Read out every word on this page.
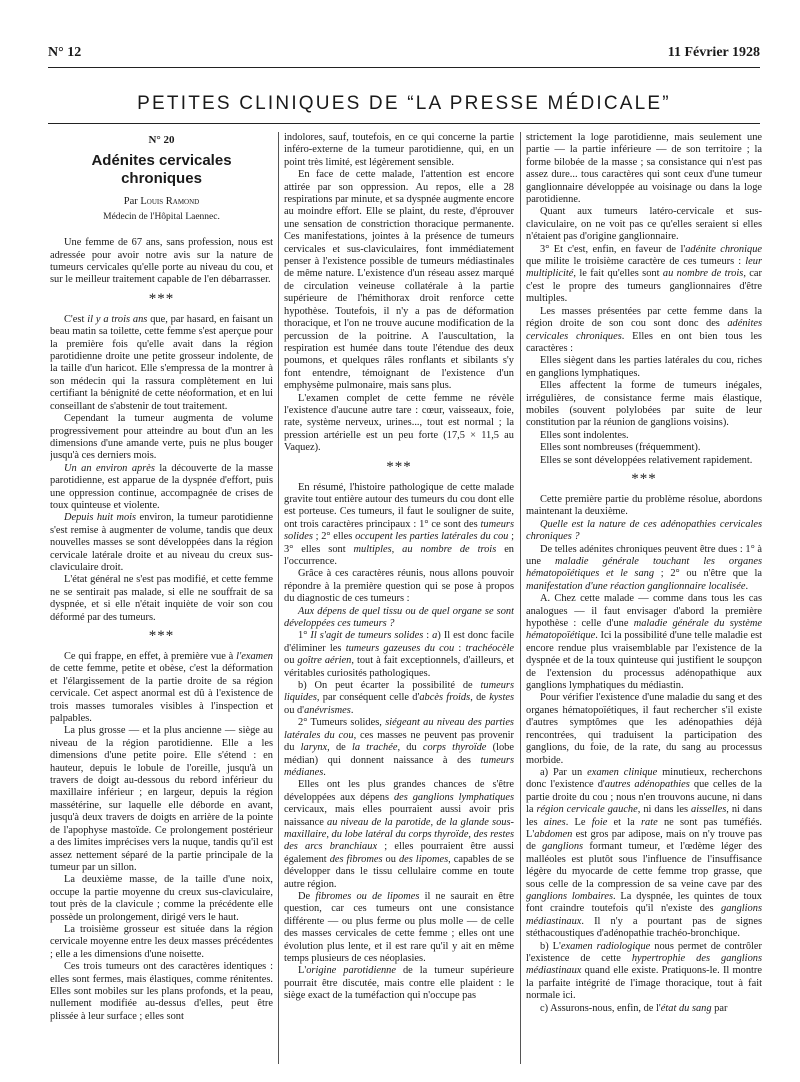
N° 12	11 Février 1928
PETITES CLINIQUES DE “LA PRESSE MÉDICALE”

N° 20

Adénites cervicales chroniques

Par Louis Ramond

Médecin de l'Hôpital Laennec.

Une femme de 67 ans, sans profession, nous est adressée pour avoir notre avis sur la nature de tumeurs cervicales qu'elle porte au niveau du cou, et sur le meilleur traitement capable de l'en débarrasser.

***

C'est il y a trois ans que, par hasard, en faisant un beau matin sa toilette, cette femme s'est aperçue pour la première fois qu'elle avait dans la région parotidienne droite une petite grosseur indolente, de la taille d'un haricot. Elle s'empressa de la montrer à son médecin qui la rassura complètement en lui certifiant la bénignité de cette néoformation, et en lui conseillant de s'abstenir de tout traitement.

Cependant la tumeur augmenta de volume progressivement pour atteindre au bout d'un an les dimensions d'une amande verte, puis ne plus bouger jusqu'à ces derniers mois.

Un an environ après la découverte de la masse parotidienne, est apparue de la dyspnée d'effort, puis une oppression continue, accompagnée de crises de toux quinteuse et violente.

Depuis huit mois environ, la tumeur parotidienne s'est remise à augmenter de volume, tandis que deux nouvelles masses se sont développées dans la région cervicale latérale droite et au niveau du creux sus-claviculaire droit.

L'état général ne s'est pas modifié, et cette femme ne se sentirait pas malade, si elle ne souffrait de sa dyspnée, et si elle n'était inquiète de voir son cou déformé par des tumeurs.

***

Ce qui frappe, en effet, à première vue à l'examen de cette femme, petite et obèse, c'est la déformation et l'élargissement de la partie droite de sa région cervicale. Cet aspect anormal est dû à l'existence de trois masses tumorales visibles à l'inspection et palpables.

La plus grosse — et la plus ancienne — siège au niveau de la région parotidienne. Elle a les dimensions d'une petite poire. Elle s'étend : en hauteur, depuis le lobule de l'oreille, jusqu'à un travers de doigt au-dessous du rebord inférieur du maxillaire inférieur ; en largeur, depuis la région massétérine, sur laquelle elle déborde en avant, jusqu'à deux travers de doigts en arrière de la pointe de l'apophyse mastoïde. Ce prolongement postérieur a des limites imprécises vers la nuque, tandis qu'il est assez nettement séparé de la partie principale de la tumeur par un sillon.

La deuxième masse, de la taille d'une noix, occupe la partie moyenne du creux sus-claviculaire, tout près de la clavicule ; comme la précédente elle possède un prolongement, dirigé vers le haut.

La troisième grosseur est située dans la région cervicale moyenne entre les deux masses précédentes ; elle a les dimensions d'une noisette.

Ces trois tumeurs ont des caractères identiques : elles sont fermes, mais élastiques, comme rénitentes. Elles sont mobiles sur les plans profonds, et la peau, nullement modifiée au-dessus d'elles, peut être plissée à leur surface ; elles sont

indolores, sauf, toutefois, en ce qui concerne la partie inféro-externe de la tumeur parotidienne, qui, en un point très limité, est légèrement sensible.

En face de cette malade, l'attention est encore attirée par son oppression. Au repos, elle a 28 respirations par minute, et sa dyspnée augmente encore au moindre effort. Elle se plaint, du reste, d'éprouver une sensation de constriction thoracique permanente. Ces manifestations, jointes à la présence de tumeurs cervicales et sus-claviculaires, font immédiatement penser à l'existence possible de tumeurs médiastinales de même nature. L'existence d'un réseau assez marqué de circulation veineuse collatérale à la partie supérieure de l'hémithorax droit renforce cette hypothèse. Toutefois, il n'y a pas de déformation thoracique, et l'on ne trouve aucune modification de la percussion de la poitrine. A l'auscultation, la respiration est humée dans toute l'étendue des deux poumons, et quelques râles ronflants et sibilants s'y font entendre, témoignant de l'existence d'un emphysème pulmonaire, mais sans plus.

L'examen complet de cette femme ne révèle l'existence d'aucune autre tare : cœur, vaisseaux, foie, rate, système nerveux, urines..., tout est normal ; la pression artérielle est un peu forte (17,5 × 11,5 au Vaquez).

***

En résumé, l'histoire pathologique de cette malade gravite tout entière autour des tumeurs du cou dont elle est porteuse. Ces tumeurs, il faut le souligner de suite, ont trois caractères principaux : 1° ce sont des tumeurs solides ; 2° elles occupent les parties latérales du cou ; 3° elles sont multiples, au nombre de trois en l'occurrence.

Grâce à ces caractères réunis, nous allons pouvoir répondre à la première question qui se pose à propos du diagnostic de ces tumeurs :

Aux dépens de quel tissu ou de quel organe se sont développées ces tumeurs ?

1° Il s'agit de tumeurs solides : a) Il est donc facile d'éliminer les tumeurs gazeuses du cou : trachéocèle ou goître aérien, tout à fait exceptionnels, d'ailleurs, et véritables curiosités pathologiques.

b) On peut écarter la possibilité de tumeurs liquides, par conséquent celle d'abcès froids, de kystes ou d'anévrismes.

2° Tumeurs solides, siégeant au niveau des parties latérales du cou, ces masses ne peuvent pas provenir du larynx, de la trachée, du corps thyroïde (lobe médian) qui donnent naissance à des tumeurs médianes.

Elles ont les plus grandes chances de s'être développées aux dépens des ganglions lymphatiques cervicaux, mais elles pourraient aussi avoir pris naissance au niveau de la parotide, de la glande sous-maxillaire, du lobe latéral du corps thyroïde, des restes des arcs branchiaux ; elles pourraient être aussi également des fibromes ou des lipomes, capables de se développer dans le tissu cellulaire comme en toute autre région.

De fibromes ou de lipomes il ne saurait en être question, car ces tumeurs ont une consistance différente — ou plus ferme ou plus molle — de celle des masses cervicales de cette femme ; elles ont une évolution plus lente, et il est rare qu'il y ait en même temps plusieurs de ces néoplasies.

L'origine parotidienne de la tumeur supérieure pourrait être discutée, mais contre elle plaident : le siège exact de la tuméfaction qui n'occupe pas

strictement la loge parotidienne, mais seulement une partie — la partie inférieure — de son territoire ; la forme bilobée de la masse ; sa consistance qui n'est pas assez dure... tous caractères qui sont ceux d'une tumeur ganglionnaire développée au voisinage ou dans la loge parotidienne.

Quant aux tumeurs latéro-cervicale et sus-claviculaire, on ne voit pas ce qu'elles seraient si elles n'étaient pas d'origine ganglionnaire.

3° Et c'est, enfin, en faveur de l'adénite chronique que milite le troisième caractère de ces tumeurs : leur multiplicité, le fait qu'elles sont au nombre de trois, car c'est le propre des tumeurs ganglionnaires d'être multiples.

Les masses présentées par cette femme dans la région droite de son cou sont donc des adénites cervicales chroniques. Elles en ont bien tous les caractères :

Elles siègent dans les parties latérales du cou, riches en ganglions lymphatiques.

Elles affectent la forme de tumeurs inégales, irrégulières, de consistance ferme mais élastique, mobiles (souvent polylobées par suite de leur constitution par la réunion de ganglions voisins).

Elles sont indolentes.

Elles sont nombreuses (fréquemment).

Elles se sont développées relativement rapidement.

***

Cette première partie du problème résolue, abordons maintenant la deuxième.

Quelle est la nature de ces adénopathies cervicales chroniques ?

De telles adénites chroniques peuvent être dues : 1° à une maladie générale touchant les organes hématopoïétiques et le sang ; 2° ou n'être que la manifestation d'une réaction ganglionnaire localisée.

A. Chez cette malade — comme dans tous les cas analogues — il faut envisager d'abord la première hypothèse : celle d'une maladie générale du système hématopoïétique. Ici la possibilité d'une telle maladie est encore rendue plus vraisemblable par l'existence de la dyspnée et de la toux quinteuse qui justifient le soupçon de l'extension du processus adénopathique aux ganglions lymphatiques du médiastin.

Pour vérifier l'existence d'une maladie du sang et des organes hématopoïétiques, il faut rechercher s'il existe d'autres symptômes que les adénopathies déjà rencontrées, qui traduisent la participation des ganglions, du foie, de la rate, du sang au processus morbide.

a) Par un examen clinique minutieux, recherchons donc l'existence d'autres adénopathies que celles de la partie droite du cou ; nous n'en trouvons aucune, ni dans la région cervicale gauche, ni dans les aisselles, ni dans les aines. Le foie et la rate ne sont pas tuméfiés. L'abdomen est gros par adipose, mais on n'y trouve pas de ganglions formant tumeur, et l'œdème léger des malléoles est plutôt sous l'influence de l'insuffisance légère du myocarde de cette femme trop grasse, que sous celle de la compression de sa veine cave par des ganglions lombaires. La dyspnée, les quintes de toux font craindre toutefois qu'il n'existe des ganglions médiastinaux. Il n'y a pourtant pas de signes stéthacoustiques d'adénopathie trachéo-bronchique.

b) L'examen radiologique nous permet de contrôler l'existence de cette hypertrophie des ganglions médiastinaux quand elle existe. Pratiquons-le. Il montre la parfaite intégrité de l'image thoracique, tout à fait normale ici.

c) Assurons-nous, enfin, de l'état du sang par
